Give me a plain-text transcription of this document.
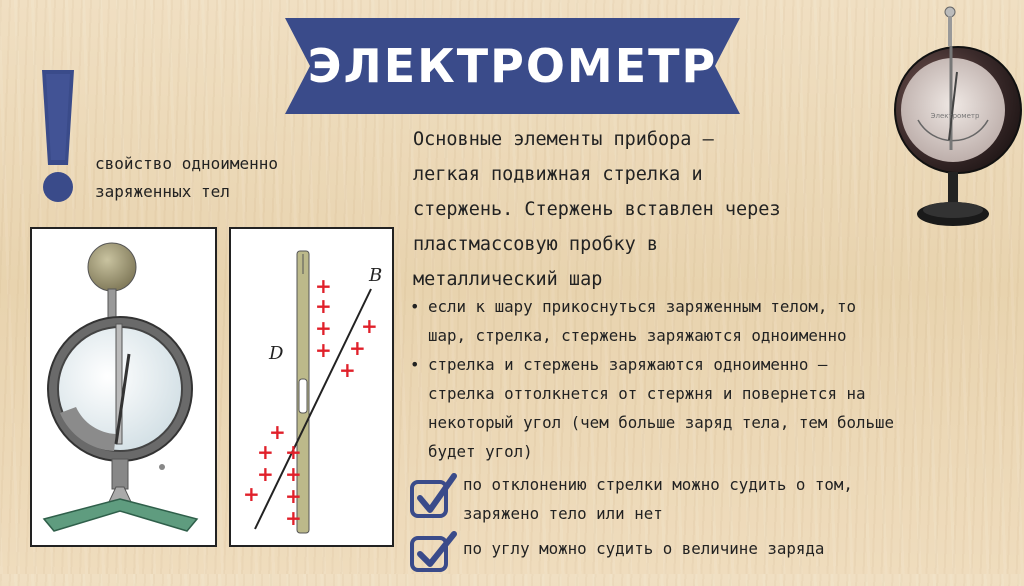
ЭЛЕКТРОМЕТР
свойство одноименно
заряженных тел
+
+
+
+
+
+
+
+
+ +
+ +
+ +
+
B
D
Основные элементы прибора –
легкая подвижная стрелка и
стержень. Стержень вставлен через
пластмассовую пробку в
металлический шар
• если к шару прикоснуться заряженным телом, то
шар, стрелка, стержень заряжаются одноименно
• стрелка и стержень заряжаются одноименно –
стрелка оттолкнется от стержня и повернется на
некоторый угол (чем больше заряд тела, тем больше
будет угол)
по отклонению стрелки можно судить о том,
заряжено тело или нет
по углу можно судить о величине заряда
Электрометр
